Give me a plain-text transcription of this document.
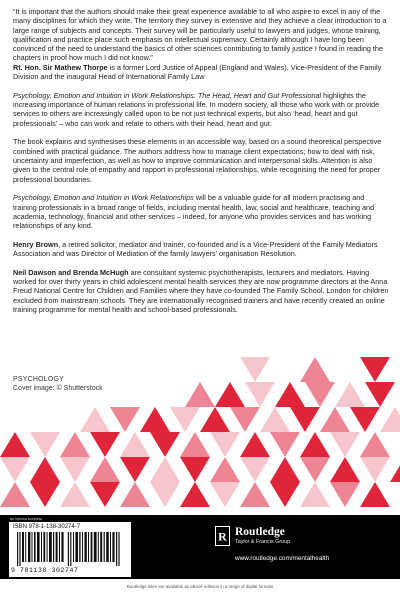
“It is important that the authors should make their great experience available to all who aspire to excel in any of the many disciplines for which they write. The territory they survey is extensive and they achieve a clear introduction to a large range of subjects and concepts. Their survey will be particularly useful to lawyers and judges, whose training, qualification and practice place such emphasis on intellectual supremacy. Certainly although I have long been convinced of the need to understand the basics of other sciences contributing to family justice I found in reading the chapters in proof how much I did not know.”
Rt. Hon. Sir Mathew Thorpe is a former Lord Justice of Appeal (England and Wales), Vice-President of the Family Division and the inaugural Head of International Family Law

Psychology, Emotion and Intuition in Work Relationships: The Head, Heart and Gut Professional highlights the increasing importance of human relations in professional life. In modern society, all those who work with or provide services to others are increasingly called upon to be not just technical experts, but also ‘head, heart and gut professionals’ – who can work and relate to others with their head, heart and gut.

The book explains and synthesises these elements in an accessible way, based on a sound theoretical perspective combined with practical guidance. The authors address how to manage client expectations; how to deal with risk, uncertainty and imperfection, as well as how to improve communication and interpersonal skills. Attention is also given to the central role of empathy and rapport in professional relationships, while recognising the need for proper professional boundaries.

Psychology, Emotion and Intuition in Work Relationships will be a valuable guide for all modern practising and training professionals in a broad range of fields, including mental health, law, social and healthcare, teaching and academia, technology, financial and other services – indeed, for anyone who provides services and has working relationships of any kind.

Henry Brown, a retired solicitor, mediator and trainer, co-founded and is a Vice-President of the Family Mediators Association and was Director of Mediation of the family lawyers’ organisation Resolution.

Neil Dawson and Brenda McHugh are consultant systemic psychotherapists, lecturers and mediators. Having worked for over thirty years in child adolescent mental health services they are now programme directors at the Anna Freud National Centre for Children and Families where they have co-founded The Family School, London for children excluded from mainstream schools. They are internationally recognised trainers and have recently created an online training programme for mental health and school-based professionals.

PSYCHOLOGY
Cover image: © Shutterstock
an informa business
ISBN 978-1-138-30274-7
9 781138 302747
R Routledge
Taylor & Francis Group
www.routledge.com/mentalhealth
Routledge titles are available as eBook editions in a range of digital formats
